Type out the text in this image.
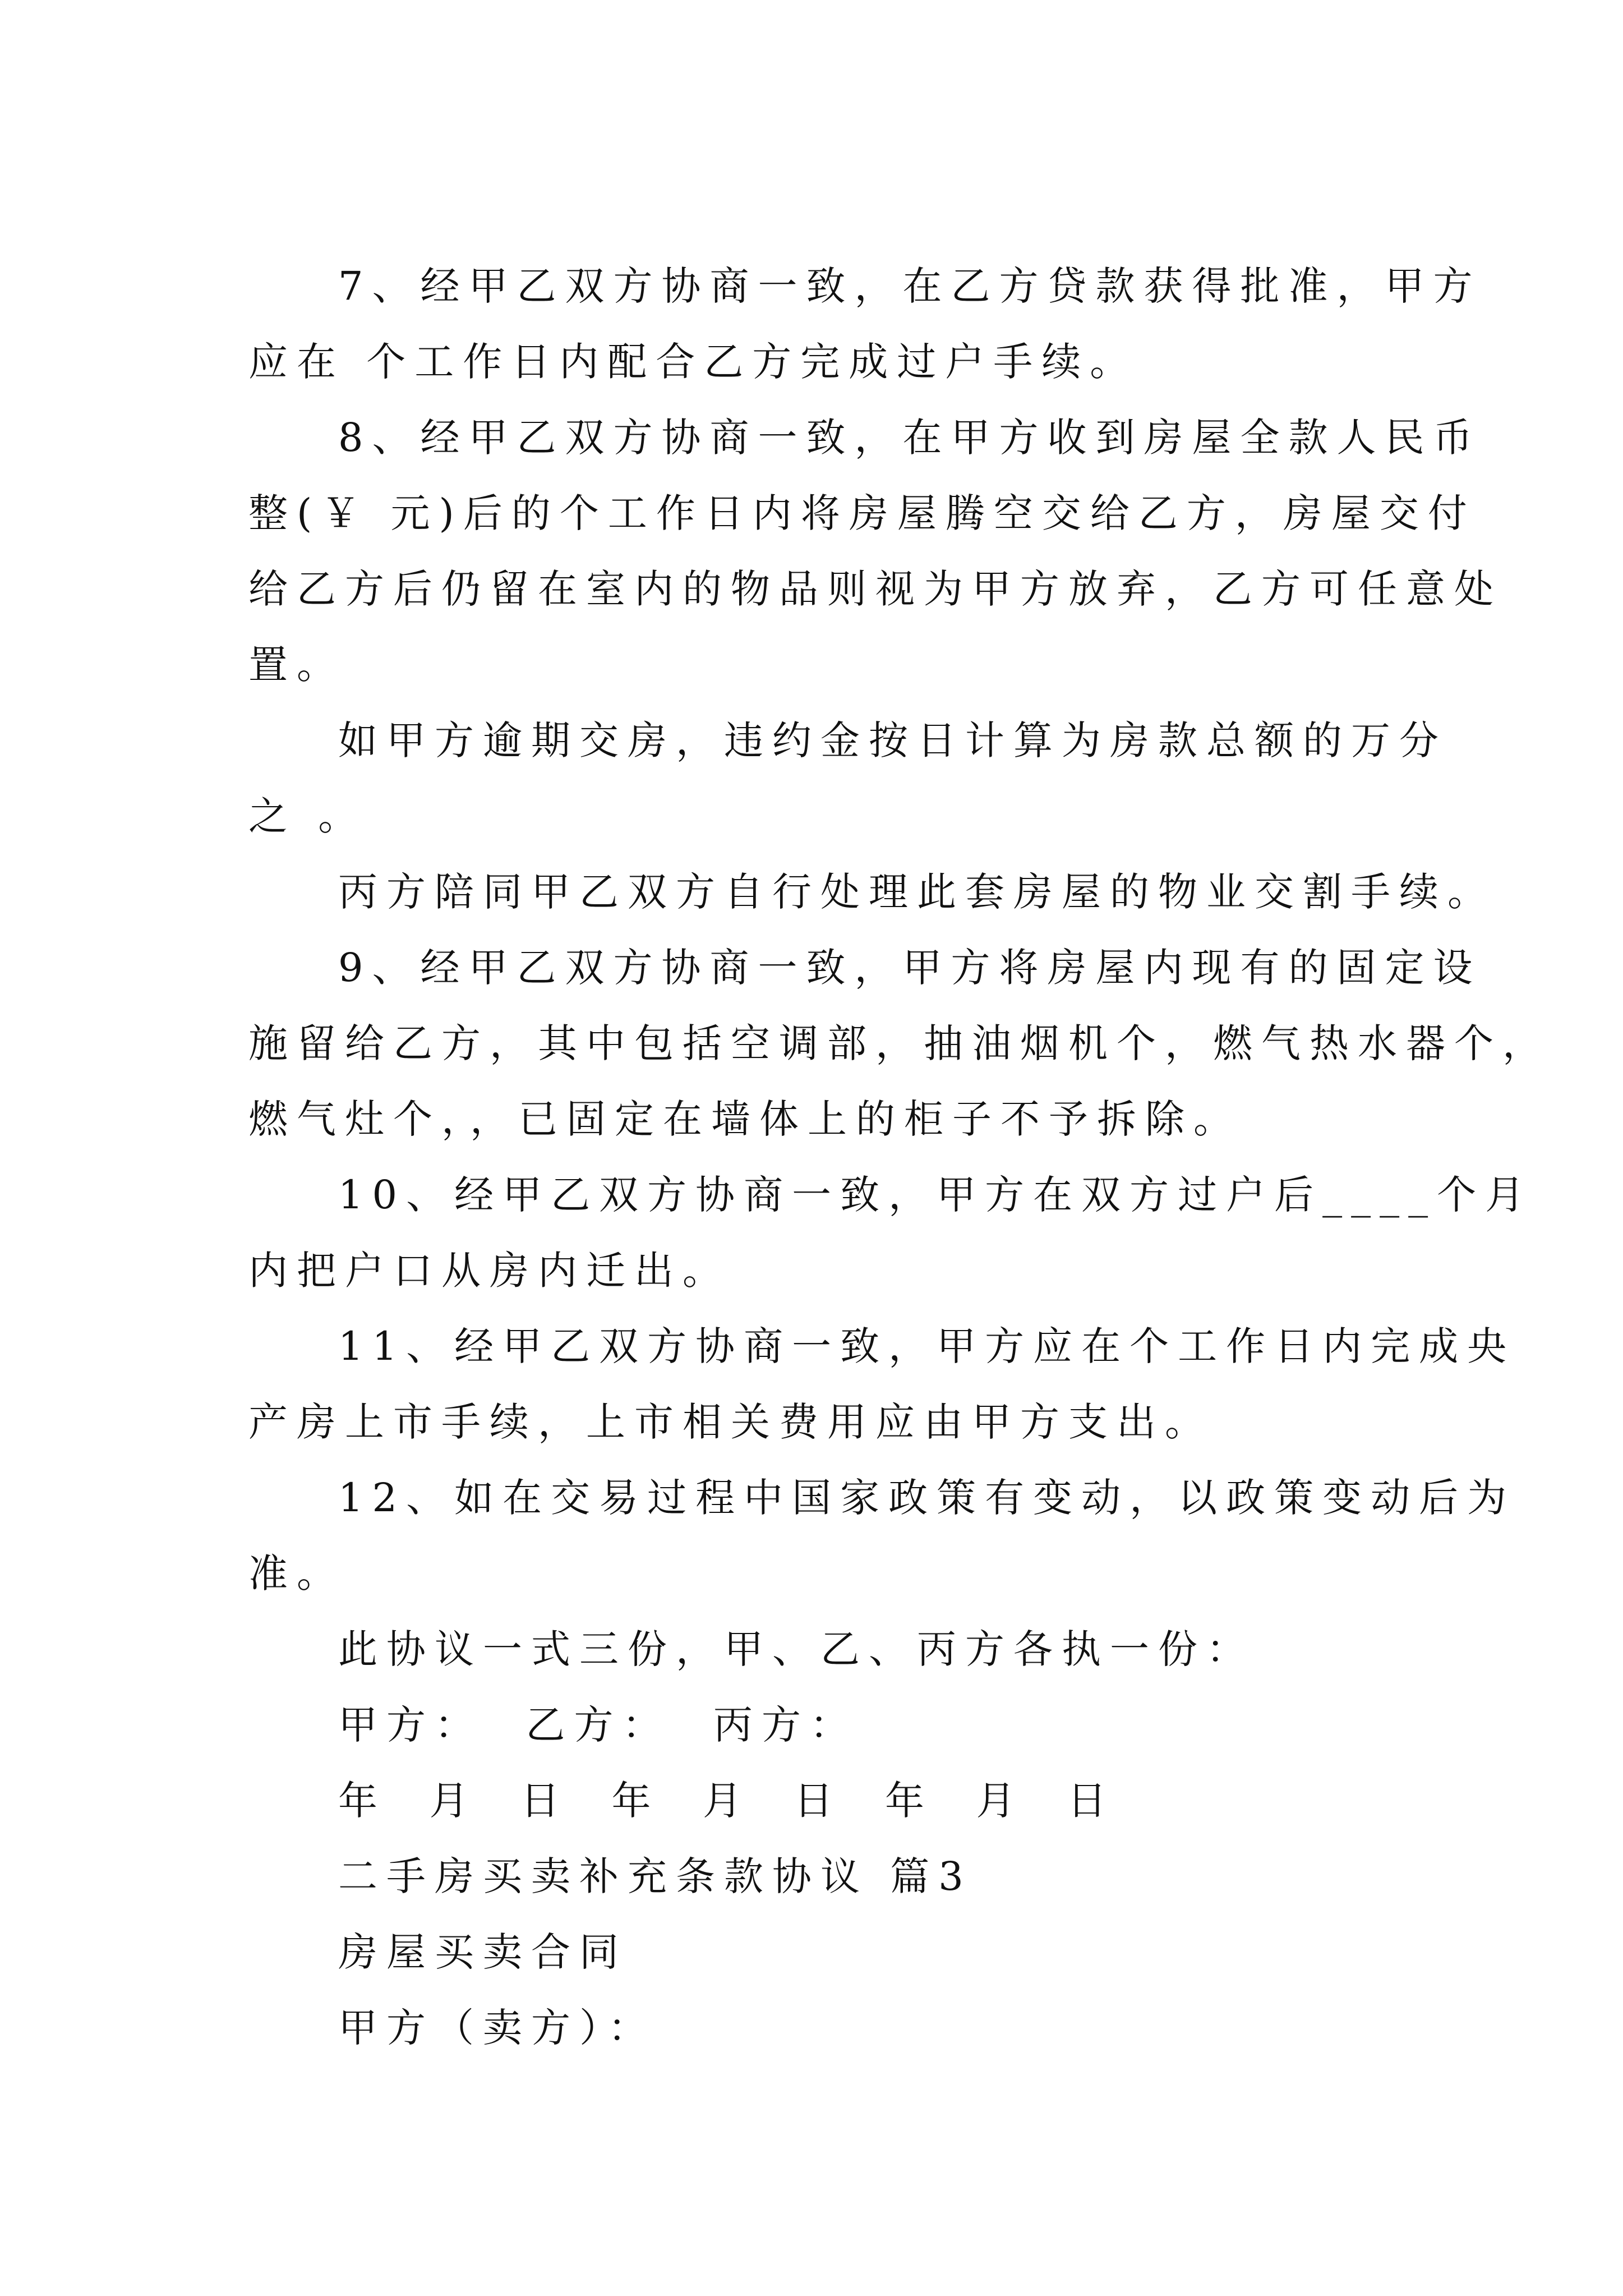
7、经甲乙双方协商一致，在乙方贷款获得批准，甲方

应在 个工作日内配合乙方完成过户手续。

8、经甲乙双方协商一致，在甲方收到房屋全款人民币

整(￥ 元)后的个工作日内将房屋腾空交给乙方，房屋交付

给乙方后仍留在室内的物品则视为甲方放弃，乙方可任意处

置。

如甲方逾期交房，违约金按日计算为房款总额的万分

之 。

丙方陪同甲乙双方自行处理此套房屋的物业交割手续。

9、经甲乙双方协商一致，甲方将房屋内现有的固定设

施留给乙方，其中包括空调部，抽油烟机个，燃气热水器个，

燃气灶个，，已固定在墙体上的柜子不予拆除。

10、经甲乙双方协商一致，甲方在双方过户后____个月

内把户口从房内迁出。

11、经甲乙双方协商一致，甲方应在个工作日内完成央

产房上市手续，上市相关费用应由甲方支出。

12、如在交易过程中国家政策有变动，以政策变动后为

准。

此协议一式三份，甲、乙、丙方各执一份：

甲方：  乙方：  丙方：

年  月  日  年  月  日  年  月  日

二手房买卖补充条款协议 篇3

房屋买卖合同

甲方（卖方）：
